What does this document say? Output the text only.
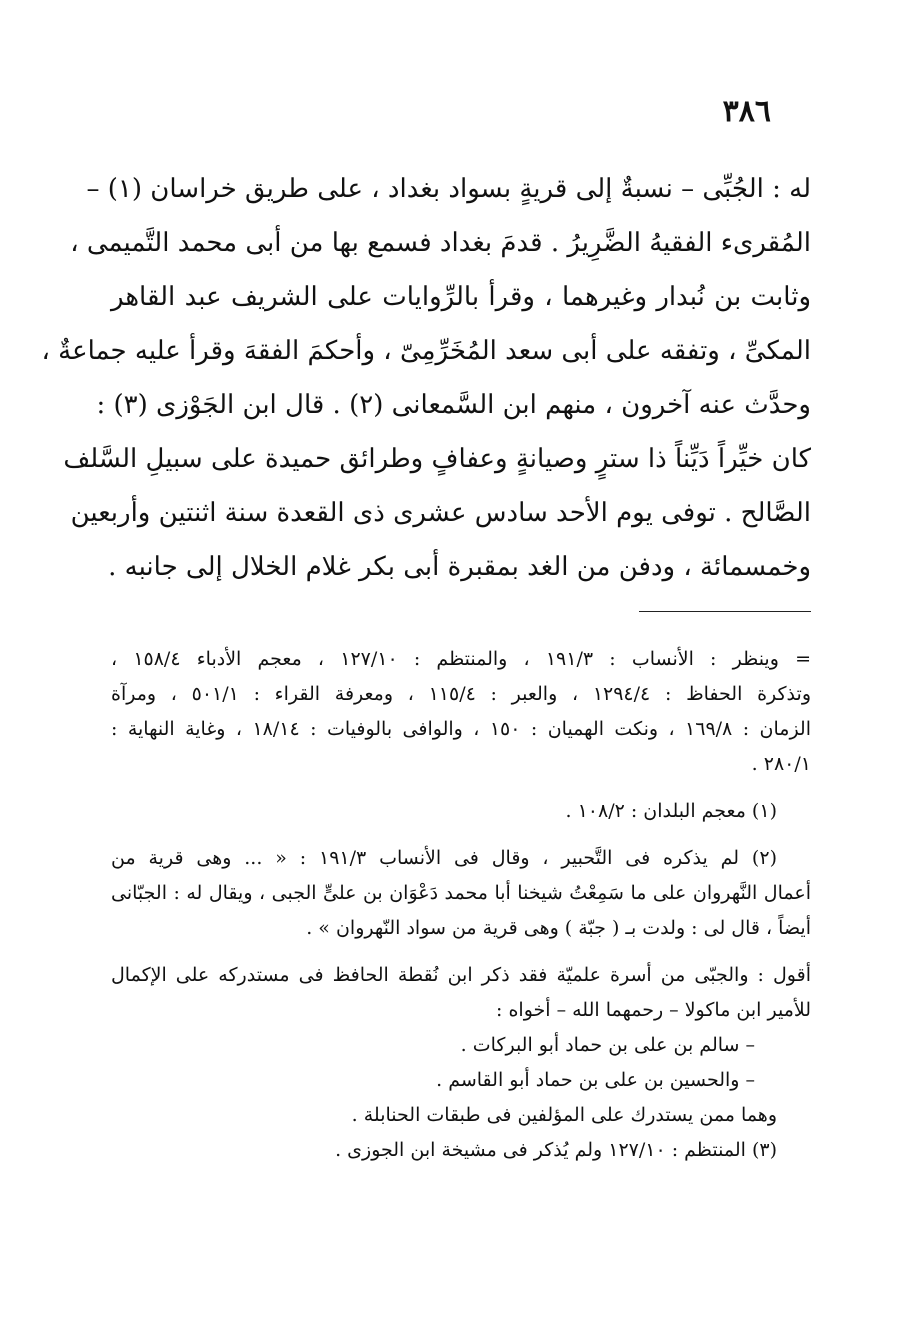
٣٨٦
له : الجُبِّى – نسبةٌ إلى قريةٍ بسواد بغداد ، على طريق خراسان (١) –
المُقرىء الفقيهُ الضَّرِيرُ . قدمَ بغداد فسمع بها من أبى محمد التَّميمى ،
وثابت بن نُبدار وغيرهما ، وقرأ بالرِّوايات على الشريف عبد القاهر
المكىِّ ، وتفقه على أبى سعد المُخَرِّمِىّ ، وأحكمَ الفقهَ وقرأ عليه جماعةٌ ،
وحدَّث عنه آخرون ، منهم ابن السَّمعانى (٢) . قال ابن الجَوْزى (٣) :
كان خيِّراً دَيِّناً ذا سترٍ وصيانةٍ وعفافٍ وطرائق حميدة على سبيلِ السَّلف
الصَّالح . توفى يوم الأحد سادس عشرى ذى القعدة سنة اثنتين وأربعين
وخمسمائة ، ودفن من الغد بمقبرة أبى بكر غلام الخلال إلى جانبه .
= وينظر : الأنساب : ١٩١/٣ ، والمنتظم : ١٢٧/١٠ ، معجم الأدباء ١٥٨/٤ ،
وتذكرة الحفاظ : ١٢٩٤/٤ ، والعبر : ١١٥/٤ ، ومعرفة القراء : ٥٠١/١ ، ومرآة
الزمان : ١٦٩/٨ ، ونكت الهميان : ١٥٠ ، والوافى بالوفيات : ١٨/١٤ ، وغاية النهاية :
٢٨٠/١ .
(١) معجم البلدان : ١٠٨/٢ .
(٢) لم يذكره فى التَّحبير ، وقال فى الأنساب ١٩١/٣ : « ... وهى قرية من
أعمال النَّهروان على ما سَمِعْتُ شيخنا أبا محمد دَعْوَان بن علىٍّ الجبى ، ويقال له : الجبّانى
أيضاً ، قال لى : ولدت بـ ( جبّة ) وهى قرية من سواد النّهروان » .
أقول : والجبّى من أسرة علميّة فقد ذكر ابن نُقطة الحافظ فى مستدركه على الإكمال
للأمير ابن ماكولا – رحمهما الله – أخواه :
– سالم بن على بن حماد أبو البركات .
– والحسين بن على بن حماد أبو القاسم .
وهما ممن يستدرك على المؤلفين فى طبقات الحنابلة .
(٣) المنتظم : ١٢٧/١٠ ولم يُذكر فى مشيخة ابن الجوزى .
